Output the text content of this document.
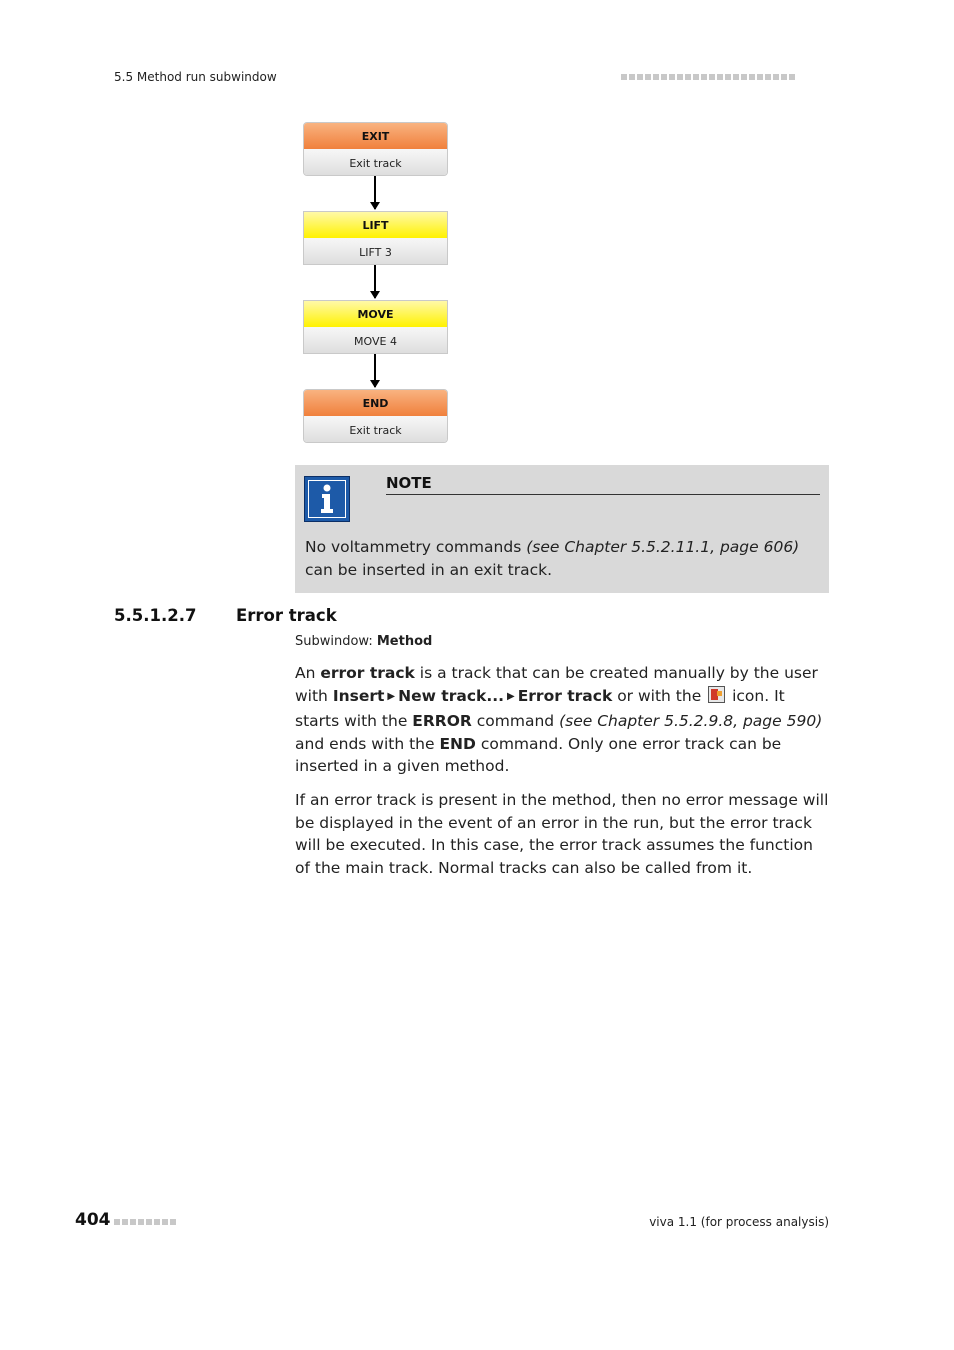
5.5 Method run subwindow
EXIT
Exit track
LIFT
LIFT 3
MOVE
MOVE 4
END
Exit track
NOTE
No voltammetry commands (see Chapter 5.5.2.11.1, page 606) can be inserted in an exit track.
5.5.1.2.7 Error track
Subwindow: Method
An error track is a track that can be created manually by the user with Insert ▶ New track... ▶ Error track or with the  icon. It starts with the ERROR command (see Chapter 5.5.2.9.8, page 590) and ends with the END command. Only one error track can be inserted in a given method.
If an error track is present in the method, then no error message will be displayed in the event of an error in the run, but the error track will be executed. In this case, the error track assumes the function of the main track. Normal tracks can also be called from it.
404	viva 1.1 (for process analysis)
